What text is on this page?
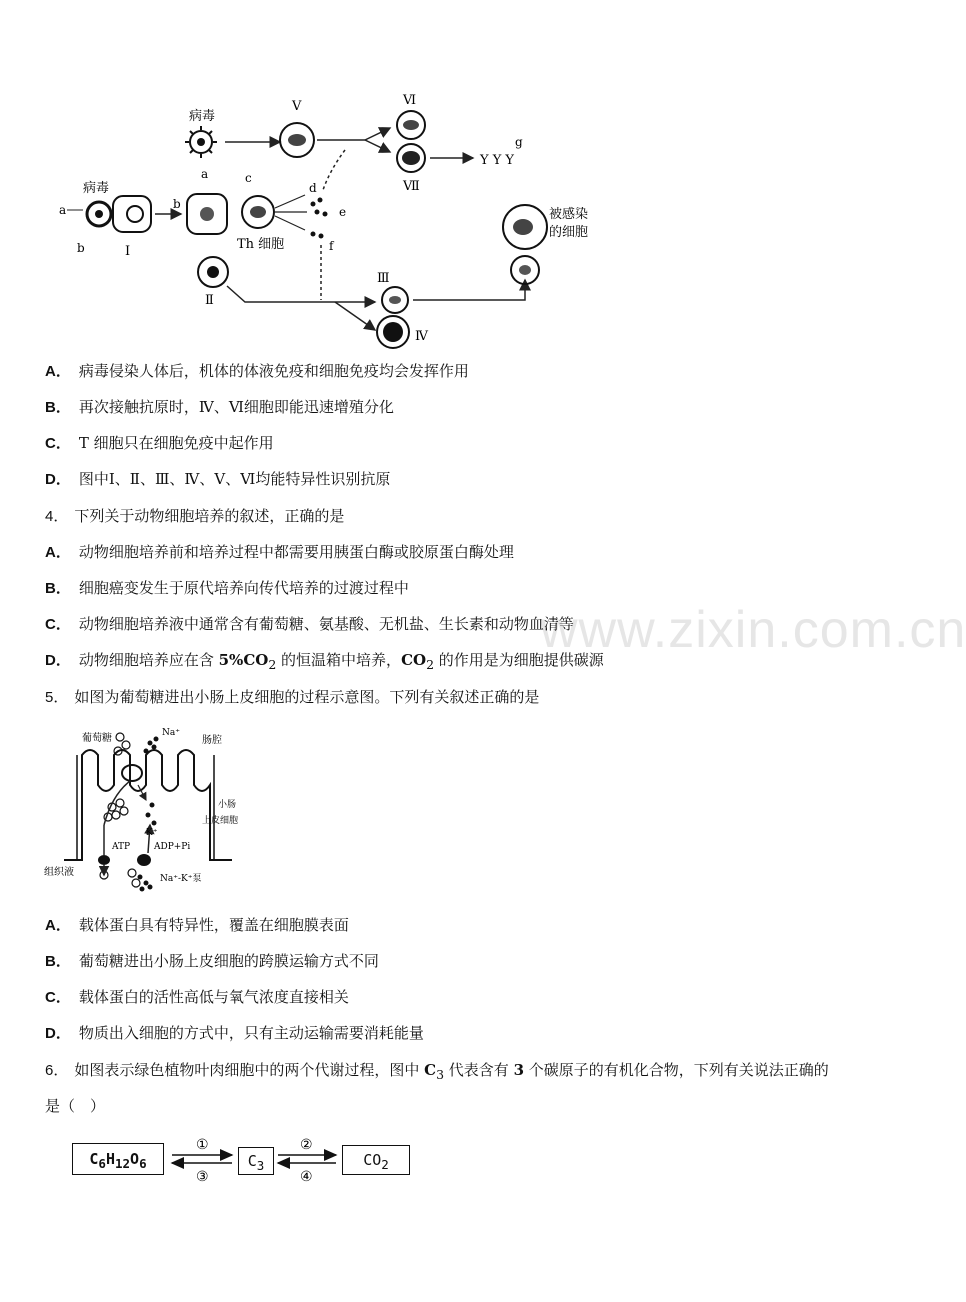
www.zixin.com.cn
病毒
V	Ⅵ
Ⅶ
Y Y Y
g
病毒
a
b	I
b
a	c
Th 细胞
d
e
f
Ⅱ
Ⅲ
Ⅳ
被感染
的细胞
A． 病毒侵染人体后，机体的体液免疫和细胞免疫均会发挥作用
B． 再次接触抗原时，Ⅳ、Ⅵ细胞即能迅速增殖分化
C． T 细胞只在细胞免疫中起作用
D． 图中Ⅰ、Ⅱ、Ⅲ、Ⅳ、Ⅴ、Ⅵ均能特异性识别抗原
4． 下列关于动物细胞培养的叙述，正确的是
A． 动物细胞培养前和培养过程中都需要用胰蛋白酶或胶原蛋白酶处理
B． 细胞癌变发生于原代培养向传代培养的过渡过程中
C． 动物细胞培养液中通常含有葡萄糖、氨基酸、无机盐、生长素和动物血清等
D． 动物细胞培养应在含 $5\%CO_2$ 的恒温箱中培养，$CO_2$ 的作用是为细胞提供碳源
5． 如图为葡萄糖进出小肠上皮细胞的过程示意图。下列有关叙述正确的是
葡萄糖	Na⁺
肠腔
K⁺
ATP	ADP+Pi
小肠
上皮细胞
组织液
Na⁺-K⁺泵
A． 载体蛋白具有特异性，覆盖在细胞膜表面
B． 葡萄糖进出小肠上皮细胞的跨膜运输方式不同
C． 载体蛋白的活性高低与氧气浓度直接相关
D． 物质出入细胞的方式中，只有主动运输需要消耗能量
6． 如图表示绿色植物叶肉细胞中的两个代谢过程，图中 $C_3$ 代表含有 3 个碳原子的有机化合物，下列有关说法正确的
是（　）
$C_6H_{12}O_6$	$C_3$	$CO_2$
①
③
②
④
